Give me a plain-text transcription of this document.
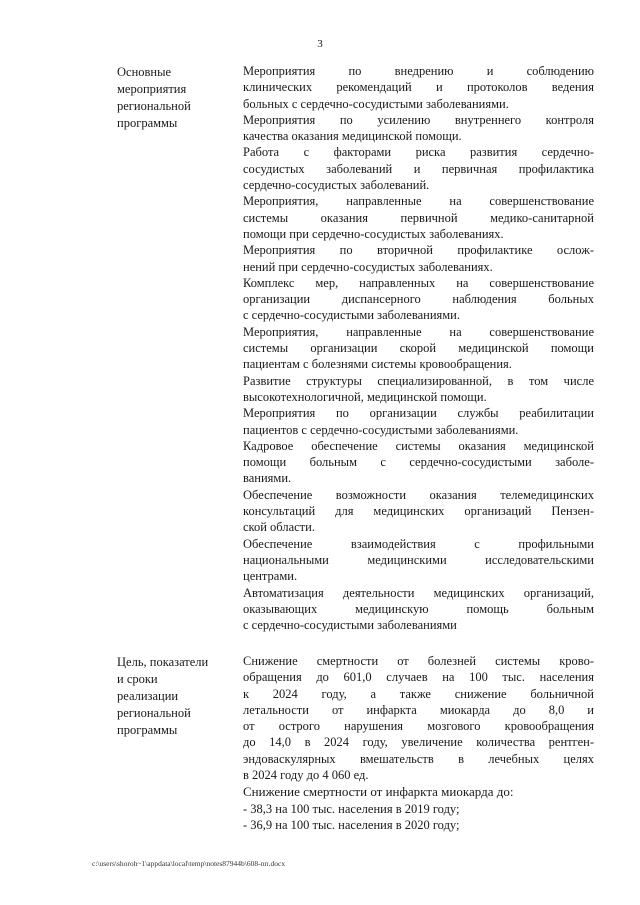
3
Основные
мероприятия
региональной
программы
Мероприятия по внедрению и соблюдению
клинических рекомендаций и протоколов ведения
больных с сердечно-сосудистыми заболеваниями.
Мероприятия по усилению внутреннего контроля
качества оказания медицинской помощи.
Работа с факторами риска развития сердечно-
сосудистых заболеваний и первичная профилактика
сердечно-сосудистых заболеваний.
Мероприятия, направленные на совершенствование
системы оказания первичной медико-санитарной
помощи при сердечно-сосудистых заболеваниях.
Мероприятия по вторичной профилактике ослож-
нений при сердечно-сосудистых заболеваниях.
Комплекс мер, направленных на совершенствование
организации диспансерного наблюдения больных
с сердечно-сосудистыми заболеваниями.
Мероприятия, направленные на совершенствование
системы организации скорой медицинской помощи
пациентам с болезнями системы кровообращения.
Развитие структуры специализированной, в том числе
высокотехнологичной, медицинской помощи.
Мероприятия по организации службы реабилитации
пациентов с сердечно-сосудистыми заболеваниями.
Кадровое обеспечение системы оказания медицинской
помощи больным с сердечно-сосудистыми заболе-
ваниями.
Обеспечение возможности оказания телемедицинских
консультаций для медицинских организаций Пензен-
ской области.
Обеспечение взаимодействия с профильными
национальными медицинскими исследовательскими
центрами.
Автоматизация деятельности медицинских организаций,
оказывающих медицинскую помощь больным
с сердечно-сосудистыми заболеваниями
Цель, показатели
и сроки
реализации
региональной
программы
Снижение смертности от болезней системы крово-
обращения до 601,0 случаев на 100 тыс. населения
к 2024 году, а также снижение больничной
летальности от инфаркта миокарда до 8,0 и
от острого нарушения мозгового кровообращения
до 14,0 в 2024 году, увеличение количества рентген-
эндоваскулярных вмешательств в лечебных целях
в 2024 году до 4 060 ед.
Снижение смертности от инфаркта миокарда до:
- 38,3 на 100 тыс. населения в 2019 году;
- 36,9 на 100 тыс. населения в 2020 году;
c:\users\shoroh~1\appdata\local\temp\notes87944b\608-пп.docx
